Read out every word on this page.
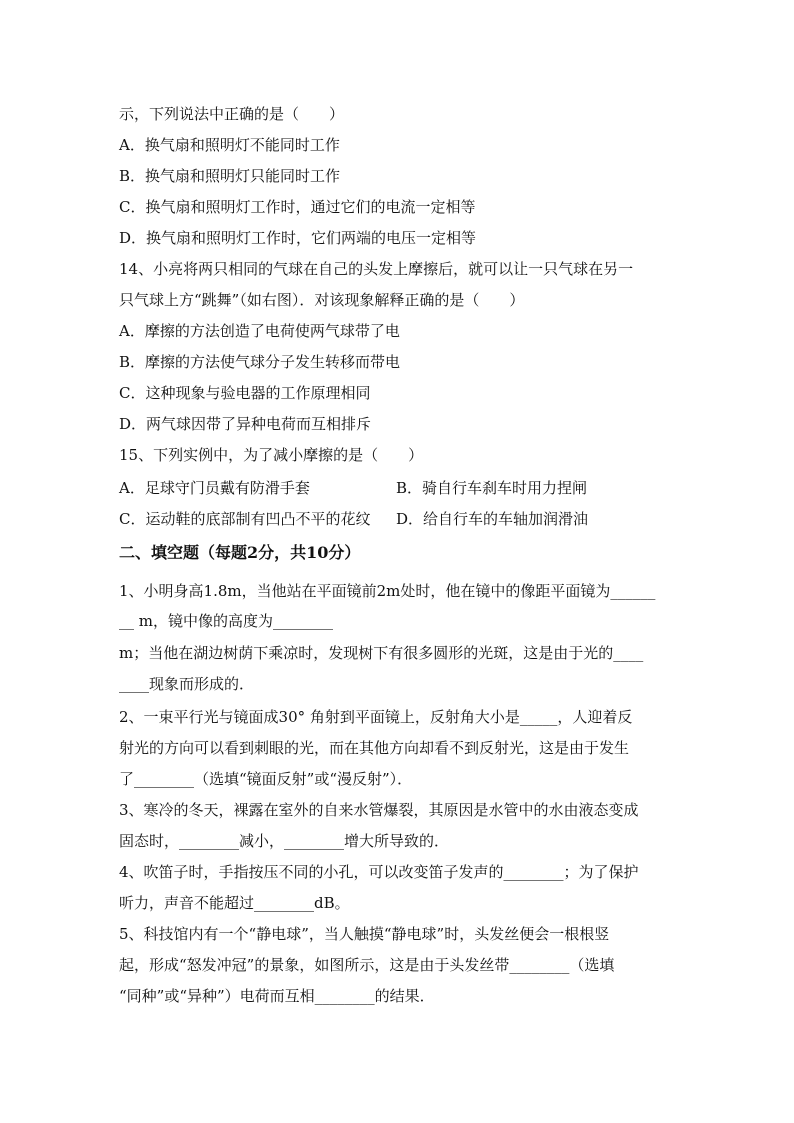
示，下列说法中正确的是（　　）
A．换气扇和照明灯不能同时工作
B．换气扇和照明灯只能同时工作
C．换气扇和照明灯工作时，通过它们的电流一定相等
D．换气扇和照明灯工作时，它们两端的电压一定相等
14、小亮将两只相同的气球在自己的头发上摩擦后，就可以让一只气球在另一
只气球上方“跳舞”（如右图）．对该现象解释正确的是（　　）
A．摩擦的方法创造了电荷使两气球带了电
B．摩擦的方法使气球分子发生转移而带电
C．这种现象与验电器的工作原理相同
D．两气球因带了异种电荷而互相排斥
15、下列实例中，为了减小摩擦的是（　　）
A．足球守门员戴有防滑手套	B．骑自行车刹车时用力捏闸
C．运动鞋的底部制有凹凸不平的花纹 D．给自行车的车轴加润滑油
二、填空题（每题2分，共10分）
1、小明身高1.8m，当他站在平面镜前2m处时，他在镜中的像距平面镜为______
__ m，镜中像的高度为________
m；当他在湖边树荫下乘凉时，发现树下有很多圆形的光斑，这是由于光的____
____现象而形成的．
2、一束平行光与镜面成30° 角射到平面镜上，反射角大小是_____，人迎着反
射光的方向可以看到刺眼的光，而在其他方向却看不到反射光，这是由于发生
了________（选填“镜面反射”或“漫反射”）．
3、寒冷的冬天，裸露在室外的自来水管爆裂，其原因是水管中的水由液态变成
固态时，________减小，________增大所导致的．
4、吹笛子时，手指按压不同的小孔，可以改变笛子发声的________；为了保护
听力，声音不能超过________dB。
5、科技馆内有一个“静电球”，当人触摸“静电球”时，头发丝便会一根根竖
起，形成“怒发冲冠”的景象，如图所示，这是由于头发丝带________（选填
“同种”或“异种”）电荷而互相________的结果．
